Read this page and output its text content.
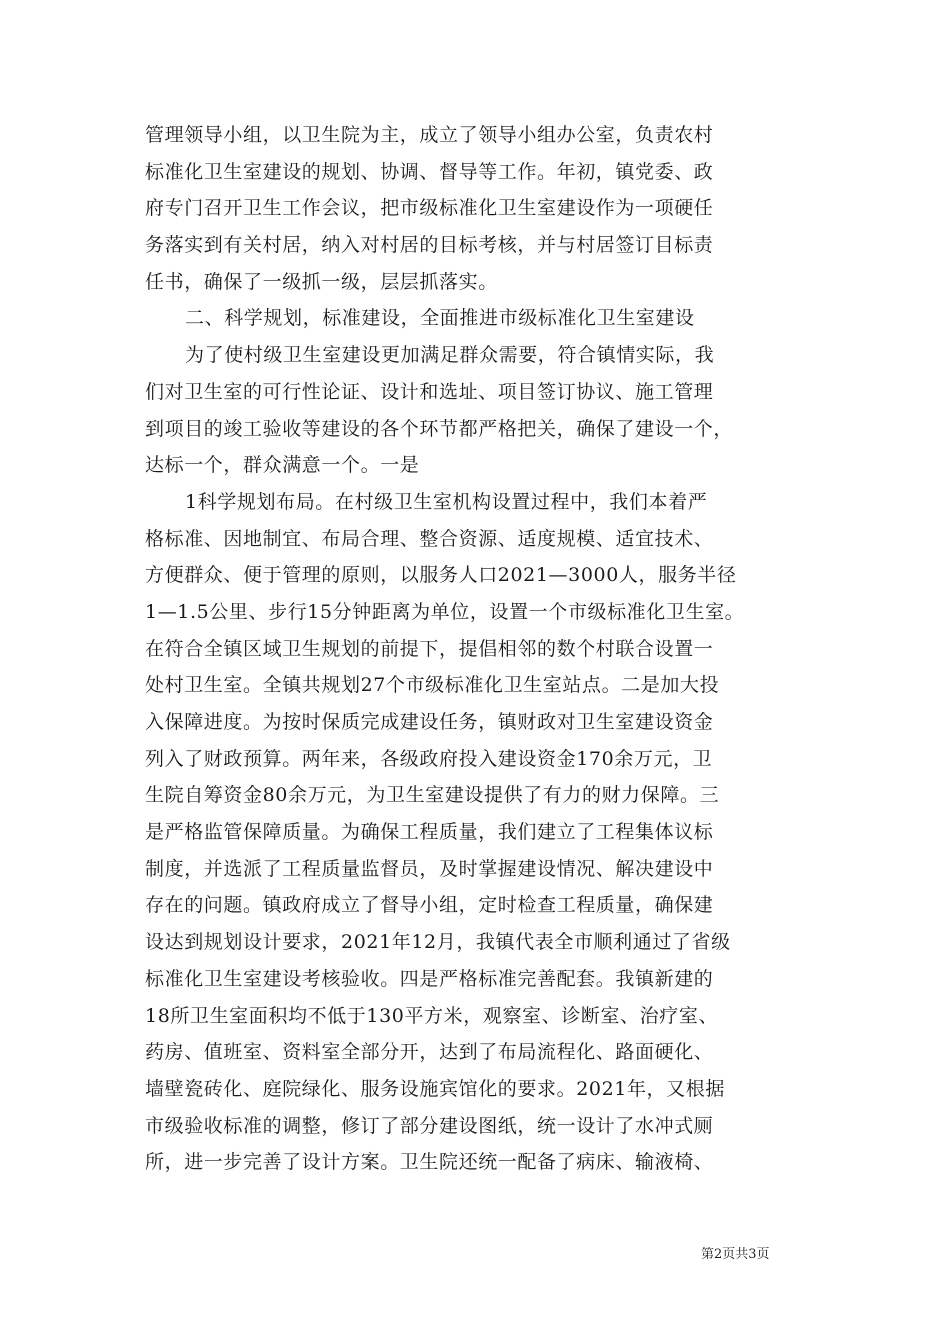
管理领导小组，以卫生院为主，成立了领导小组办公室，负责农村
标准化卫生室建设的规划、协调、督导等工作。年初，镇党委、政
府专门召开卫生工作会议，把市级标准化卫生室建设作为一项硬任
务落实到有关村居，纳入对村居的目标考核，并与村居签订目标责
任书，确保了一级抓一级，层层抓落实。
二、科学规划，标准建设，全面推进市级标准化卫生室建设
为了使村级卫生室建设更加满足群众需要，符合镇情实际，我
们对卫生室的可行性论证、设计和选址、项目签订协议、施工管理
到项目的竣工验收等建设的各个环节都严格把关，确保了建设一个，
达标一个，群众满意一个。一是
1科学规划布局。在村级卫生室机构设置过程中，我们本着严
格标准、因地制宜、布局合理、整合资源、适度规模、适宜技术、
方便群众、便于管理的原则，以服务人口2021—3000人，服务半径
1—1.5公里、步行15分钟距离为单位，设置一个市级标准化卫生室。
在符合全镇区域卫生规划的前提下，提倡相邻的数个村联合设置一
处村卫生室。全镇共规划27个市级标准化卫生室站点。二是加大投
入保障进度。为按时保质完成建设任务，镇财政对卫生室建设资金
列入了财政预算。两年来，各级政府投入建设资金170余万元，卫
生院自筹资金80余万元，为卫生室建设提供了有力的财力保障。三
是严格监管保障质量。为确保工程质量，我们建立了工程集体议标
制度，并选派了工程质量监督员，及时掌握建设情况、解决建设中
存在的问题。镇政府成立了督导小组，定时检查工程质量，确保建
设达到规划设计要求，2021年12月，我镇代表全市顺利通过了省级
标准化卫生室建设考核验收。四是严格标准完善配套。我镇新建的
18所卫生室面积均不低于130平方米，观察室、诊断室、治疗室、
药房、值班室、资料室全部分开，达到了布局流程化、路面硬化、
墙壁瓷砖化、庭院绿化、服务设施宾馆化的要求。2021年，又根据
市级验收标准的调整，修订了部分建设图纸，统一设计了水冲式厕
所，进一步完善了设计方案。卫生院还统一配备了病床、输液椅、
第2页共3页
